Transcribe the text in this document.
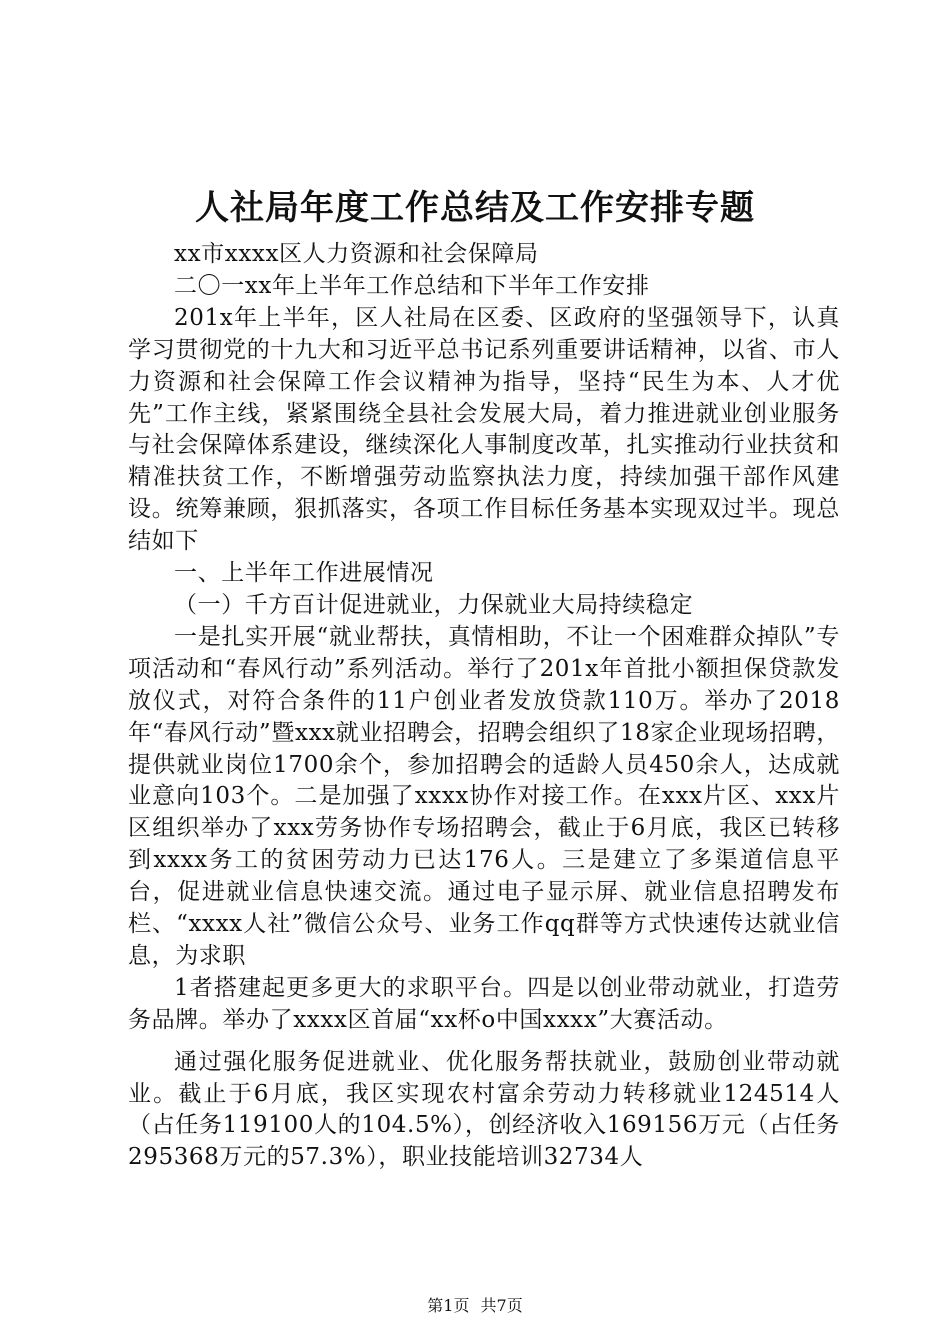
人社局年度工作总结及工作安排专题

xx市xxxx区人力资源和社会保障局

二〇一xx年上半年工作总结和下半年工作安排

201x年上半年，区人社局在区委、区政府的坚强领导下，认真学习贯彻党的十九大和习近平总书记系列重要讲话精神，以省、市人力资源和社会保障工作会议精神为指导，坚持“民生为本、人才优先”工作主线，紧紧围绕全县社会发展大局，着力推进就业创业服务与社会保障体系建设，继续深化人事制度改革，扎实推动行业扶贫和精准扶贫工作，不断增强劳动监察执法力度，持续加强干部作风建设。统筹兼顾，狠抓落实，各项工作目标任务基本实现双过半。现总结如下

一、上半年工作进展情况

（一）千方百计促进就业，力保就业大局持续稳定

一是扎实开展“就业帮扶，真情相助，不让一个困难群众掉队”专项活动和“春风行动”系列活动。举行了201x年首批小额担保贷款发放仪式，对符合条件的11户创业者发放贷款110万。举办了2018年“春风行动”暨xxx就业招聘会，招聘会组织了18家企业现场招聘，提供就业岗位1700余个，参加招聘会的适龄人员450余人，达成就业意向103个。二是加强了xxxx协作对接工作。在xxx片区、xxx片区组织举办了xxx劳务协作专场招聘会，截止于6月底，我区已转移到xxxx务工的贫困劳动力已达176人。三是建立了多渠道信息平台，促进就业信息快速交流。通过电子显示屏、就业信息招聘发布栏、“xxxx人社”微信公众号、业务工作qq群等方式快速传达就业信息，为求职

1者搭建起更多更大的求职平台。四是以创业带动就业，打造劳务品牌。举办了xxxx区首届“xx杯o中国xxxx”大赛活动。

通过强化服务促进就业、优化服务帮扶就业，鼓励创业带动就业。截止于6月底，我区实现农村富余劳动力转移就业124514人（占任务119100人的104.5%），创经济收入169156万元（占任务295368万元的57.3%），职业技能培训32734人

第1页 共7页
